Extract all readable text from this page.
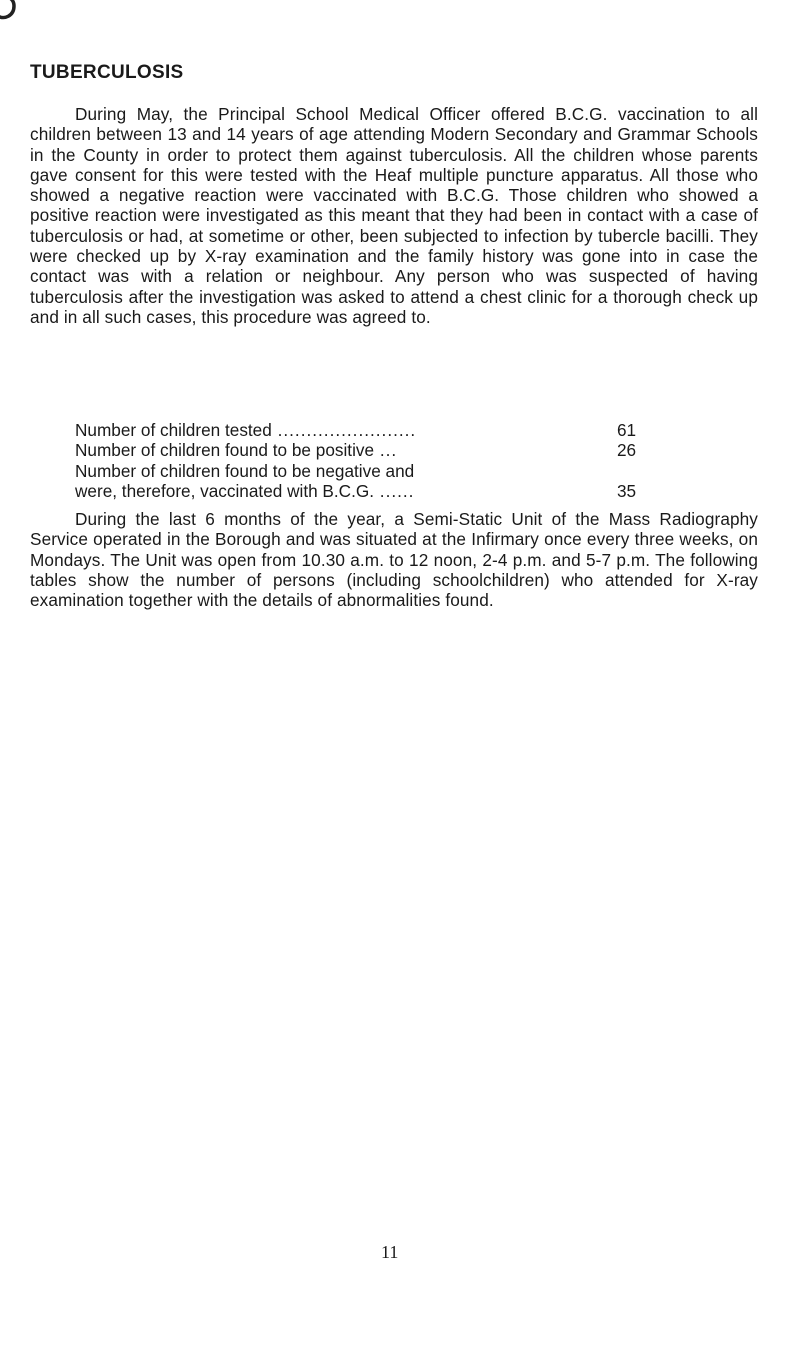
TUBERCULOSIS

During May, the Principal School Medical Officer offered B.C.G. vaccination to all children between 13 and 14 years of age attending Modern Secondary and Grammar Schools in the County in order to protect them against tuberculosis. All the children whose parents gave consent for this were tested with the Heaf multiple puncture apparatus. All those who showed a negative reaction were vaccinated with B.C.G. Those children who showed a positive reaction were investigated as this meant that they had been in contact with a case of tuberculosis or had, at sometime or other, been subjected to infection by tubercle bacilli. They were checked up by X-ray examination and the family history was gone into in case the contact was with a relation or neighbour. Any person who was suspected of having tuberculosis after the investigation was asked to attend a chest clinic for a thorough check up and in all such cases, this procedure was agreed to.

Number of children tested ........................	61
Number of children found to be positive ...	26
Number of children found to be negative and
were, therefore, vaccinated with B.C.G. ......	35

During the last 6 months of the year, a Semi-Static Unit of the Mass Radiography Service operated in the Borough and was situated at the Infirmary once every three weeks, on Mondays. The Unit was open from 10.30 a.m. to 12 noon, 2-4 p.m. and 5-7 p.m. The following tables show the number of persons (including schoolchildren) who attended for X-ray examination together with the details of abnormalities found.

11
